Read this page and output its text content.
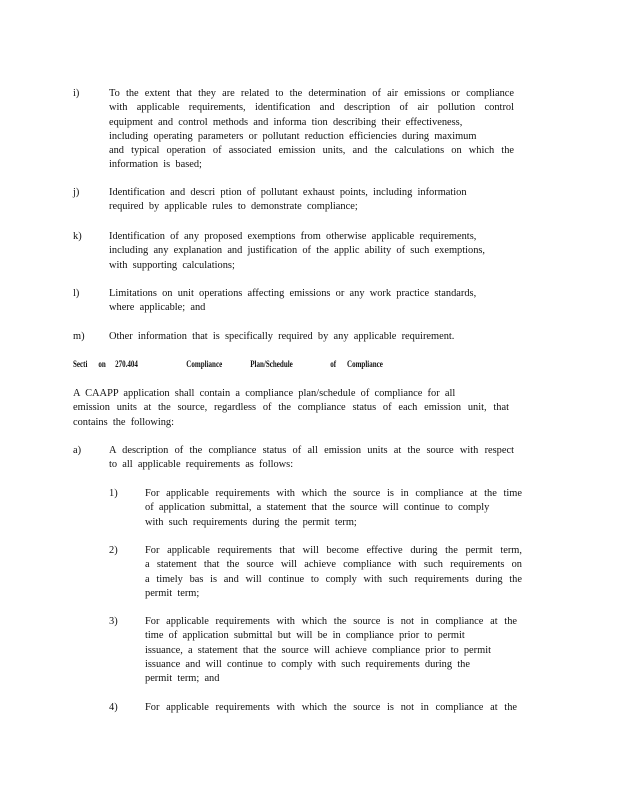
i)	To the extent that they are related to the determination of air emissions or compliance
with applicable requirements, identification and description of air pollution control
equipment and control methods and informa tion describing their effectiveness,
including operating parameters or pollutant reduction efficiencies during maximum
and typical operation of associated emission units, and the calculations on which the
information is based;
j)	Identification and descri ption of pollutant exhaust points, including information
required by applicable rules to demonstrate compliance;
k)	Identification of any proposed exemptions from otherwise applicable requirements,
including any explanation and justification of the applic ability of such exemptions,
with supporting calculations;
l)	Limitations on unit operations affecting emissions or any work practice standards,
where applicable; and
m) Other information that is specifically required by any applicable requirement.
Secti on 270.404	Compliance	Plan/Schedule	of Compliance
A CAAPP application shall contain a compliance plan/schedule of compliance for all
emission units at the source, regardless of the compliance status of each emission unit, that
contains the following:
a)	A description of the compliance status of all emission units at the source with respect
to all applicable requirements as follows:
1)	For applicable requirements with which the source is in compliance at the time
of application submittal, a statement that the source will continue to comply
with such requirements during the permit term;
2)	For applicable requirements that will become effective during the permit term,
a statement that the source will achieve compliance with such requirements on
a timely bas is and will continue to comply with such requirements during the
permit term;
3)	For applicable requirements with which the source is not in compliance at the
time of application submittal but will be in compliance prior to permit
issuance, a statement that the source will achieve compliance prior to permit
issuance and will continue to comply with such requirements during the
permit term; and
4)	For applicable requirements with which the source is not in compliance at the
